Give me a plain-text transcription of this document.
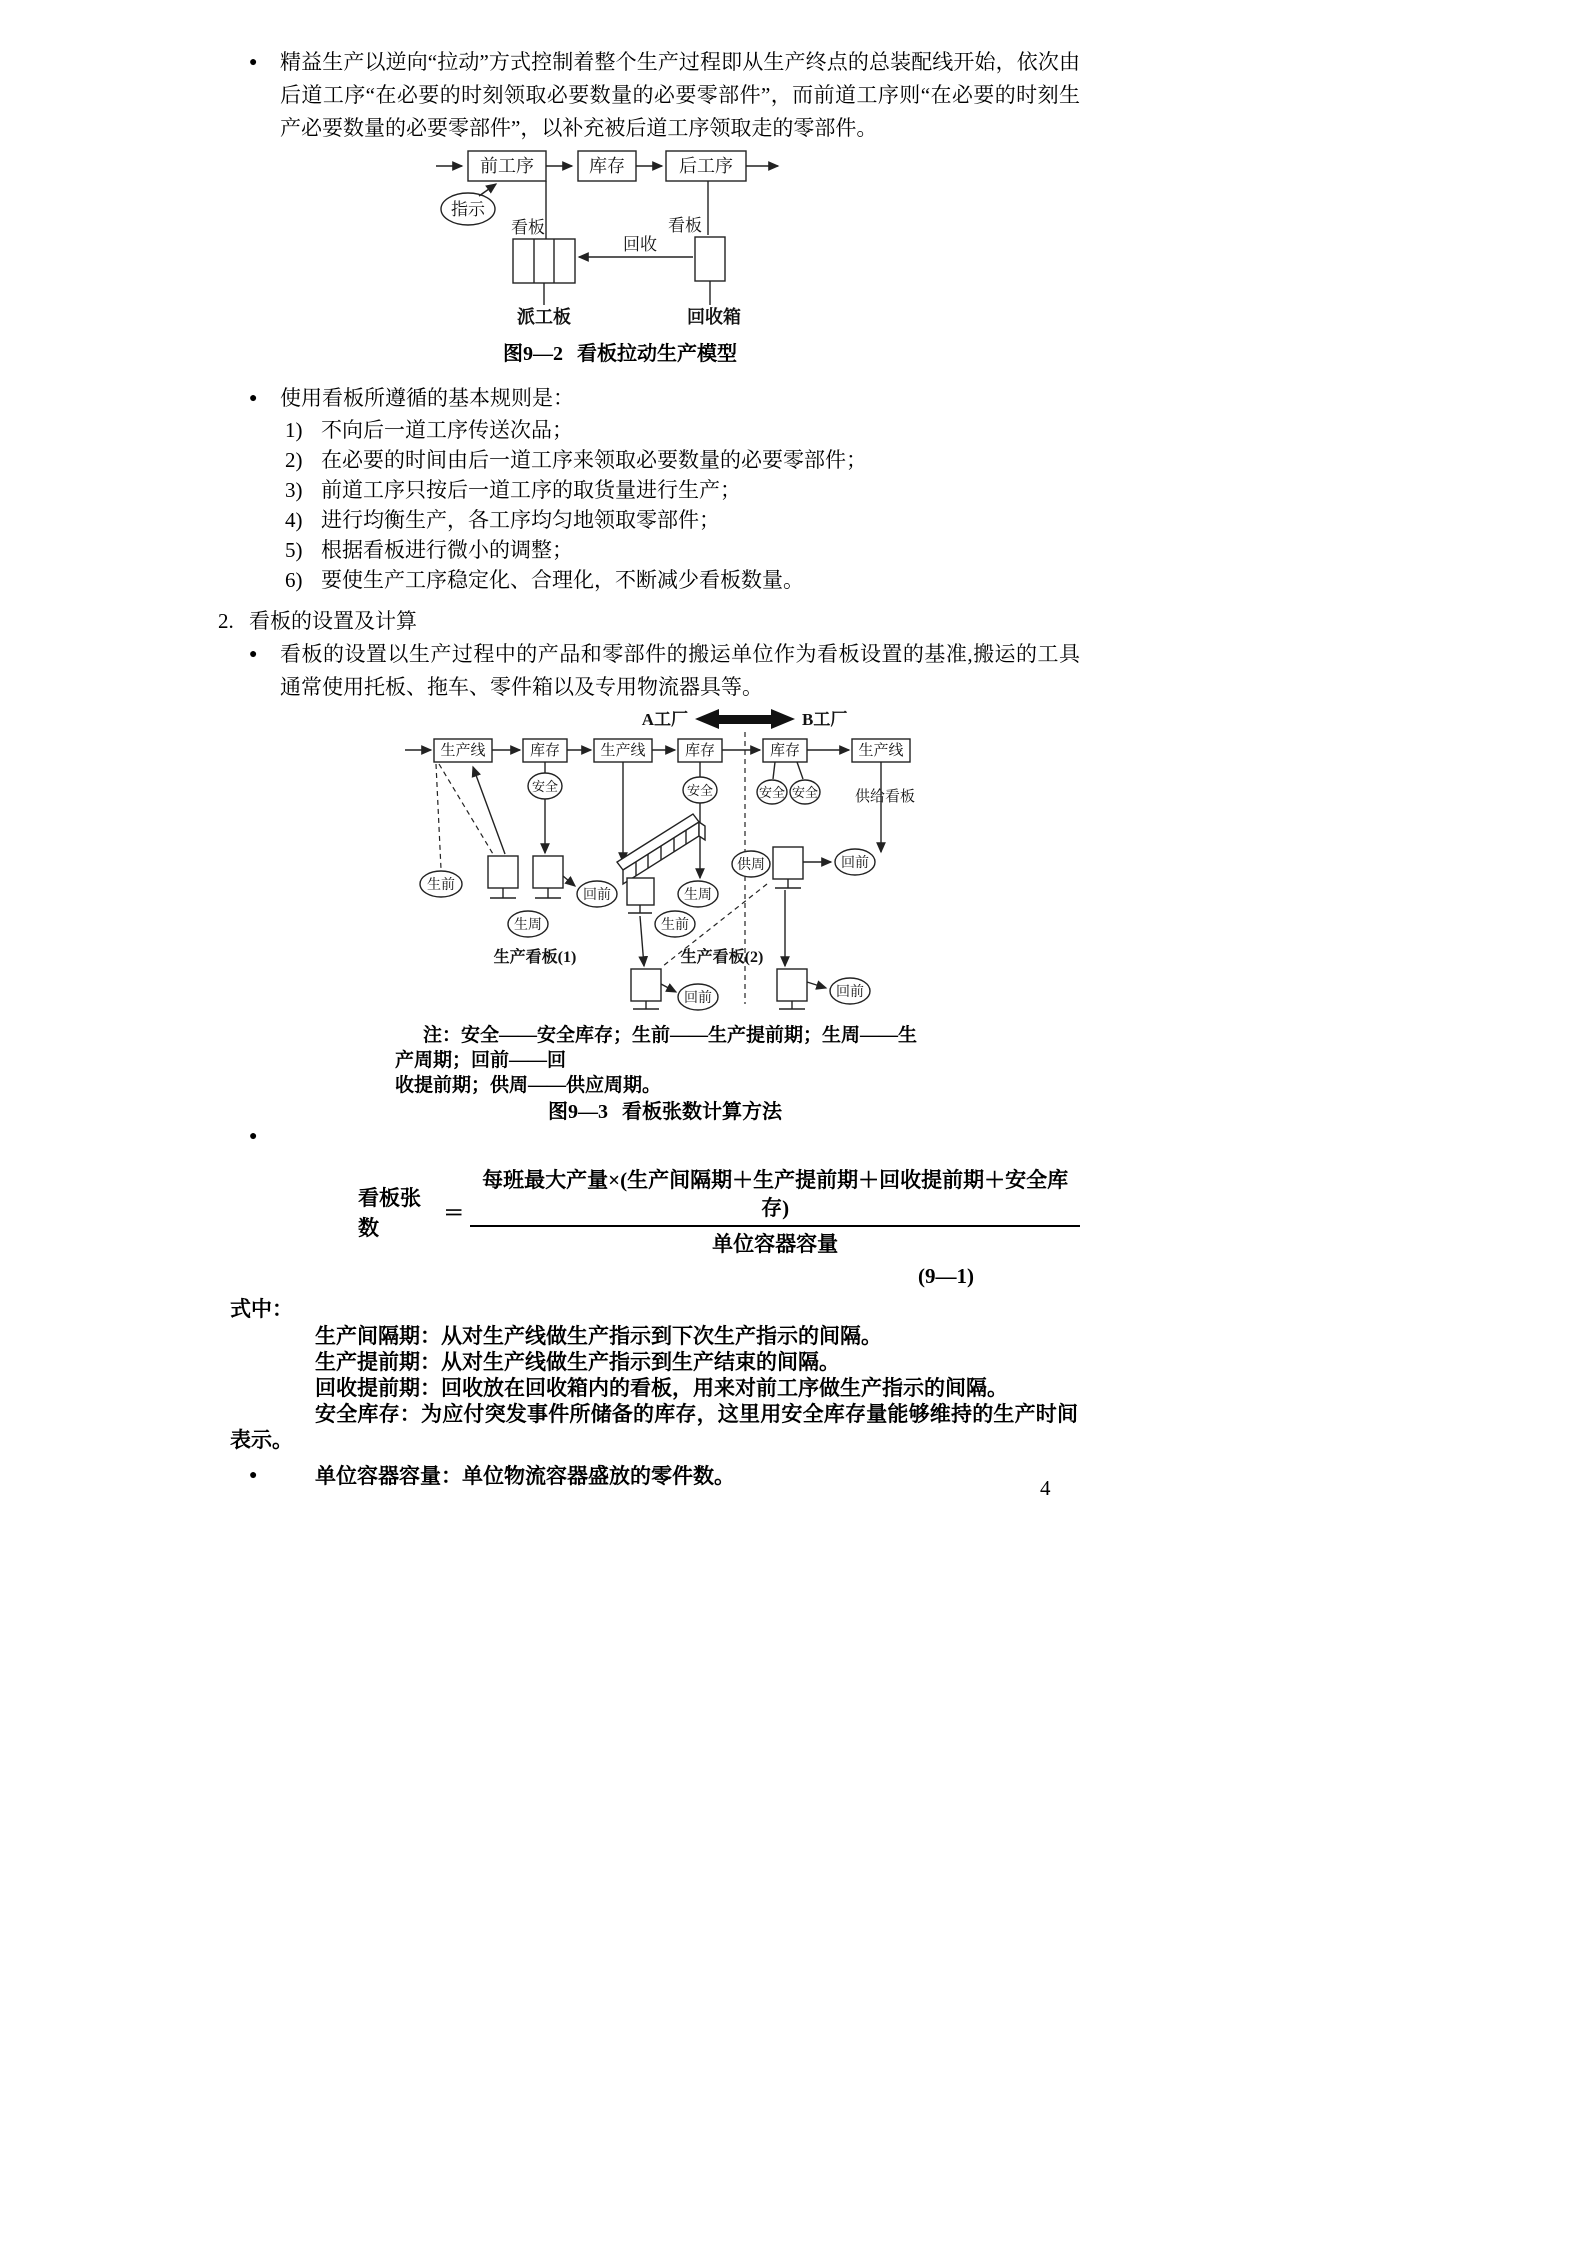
●	精益生产以逆向“拉动”方式控制着整个生产过程即从生产终点的总装配线开始，依次由后道工序“在必要的时刻领取必要数量的必要零部件”，而前道工序则“在必要的时刻生产必要数量的必要零部件”，以补充被后道工序领取走的零部件。
前工序	库存	后工序
指示
看板
派工板
回收
看板
回收箱
图9—2 看板拉动生产模型
●	使用看板所遵循的基本规则是：
1) 不向后一道工序传送次品；
2) 在必要的时间由后一道工序来领取必要数量的必要零部件；
3) 前道工序只按后一道工序的取货量进行生产；
4) 进行均衡生产，各工序均匀地领取零部件；
5) 根据看板进行微小的调整；
6) 要使生产工序稳定化、合理化，不断减少看板数量。
2. 看板的设置及计算
●	看板的设置以生产过程中的产品和零部件的搬运单位作为看板设置的基准,搬运的工具通常使用托板、拖车、零件箱以及专用物流器具等。
A工厂	B工厂
生产线	库存	生产线	库存	库存	生产线
安全	安全	安全 安全 供给看板
生前
回前
生周
生周
生前
供周	回前
生产看板(1)	生产看板(2)
回前	回前
注：安全——安全库存；生前——生产提前期；生周——生产周期；回前——回
收提前期；供周——供应周期。
图9—3 看板张数计算方法
●
看板张数
＝ $\frac{\text{每班最大产量×(生产间隔期＋生产提前期＋回收提前期＋安全库存)}}{\text{单位容器容量}}$
(9—1)
式中：
生产间隔期：从对生产线做生产指示到下次生产指示的间隔。
生产提前期：从对生产线做生产指示到生产结束的间隔。
回收提前期：回收放在回收箱内的看板，用来对前工序做生产指示的间隔。
安全库存：为应付突发事件所储备的库存，这里用安全库存量能够维持的生产时间表示。
●	单位容器容量：单位物流容器盛放的零件数。	4
